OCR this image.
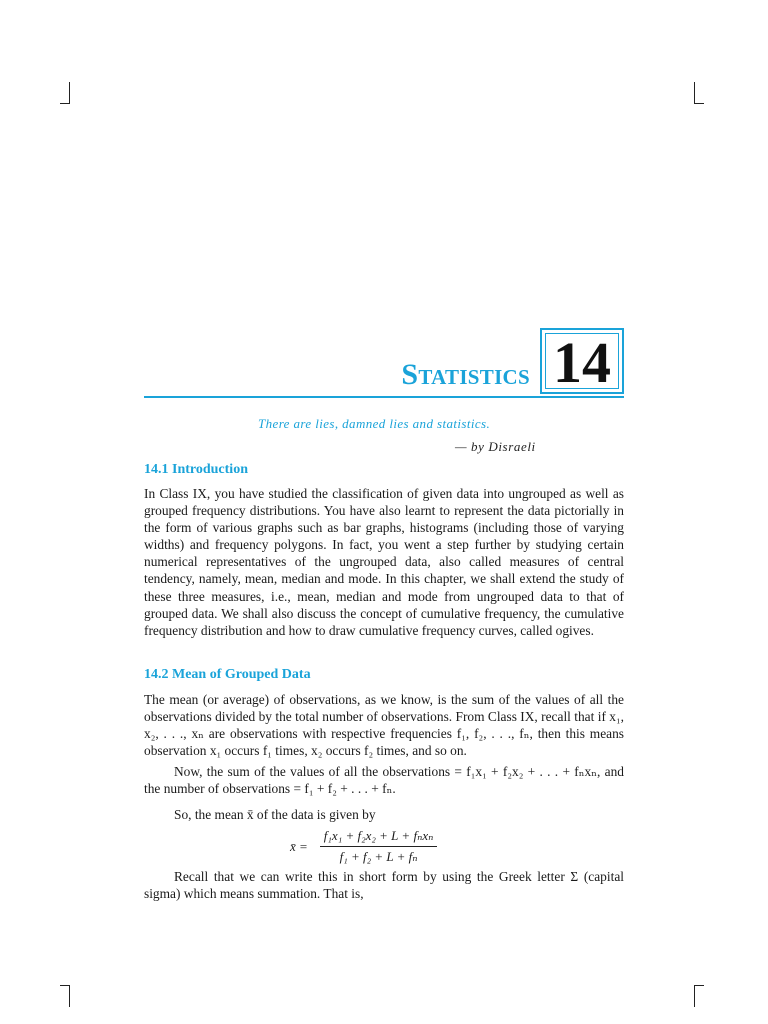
Statistics 14
There are lies, damned lies and statistics.
— by Disraeli
14.1 Introduction
In Class IX, you have studied the classification of given data into ungrouped as well as grouped frequency distributions. You have also learnt to represent the data pictorially in the form of various graphs such as bar graphs, histograms (including those of varying widths) and frequency polygons. In fact, you went a step further by studying certain numerical representatives of the ungrouped data, also called measures of central tendency, namely, mean, median and mode. In this chapter, we shall extend the study of these three measures, i.e., mean, median and mode from ungrouped data to that of grouped data. We shall also discuss the concept of cumulative frequency, the cumulative frequency distribution and how to draw cumulative frequency curves, called ogives.
14.2 Mean of Grouped Data
The mean (or average) of observations, as we know, is the sum of the values of all the observations divided by the total number of observations. From Class IX, recall that if x₁, x₂, . . ., xₙ are observations with respective frequencies f₁, f₂, . . ., fₙ, then this means observation x₁ occurs f₁ times, x₂ occurs f₂ times, and so on.
Now, the sum of the values of all the observations = f₁x₁ + f₂x₂ + . . . + fₙxₙ, and the number of observations = f₁ + f₂ + . . . + fₙ.
So, the mean x̄ of the data is given by
x̄ = $\frac{\text{f₁x₁ + f₂x₂ + L + fₙxₙ}}{\text{f₁ + f₂ + L + fₙ}}$
Recall that we can write this in short form by using the Greek letter Σ (capital sigma) which means summation. That is,
